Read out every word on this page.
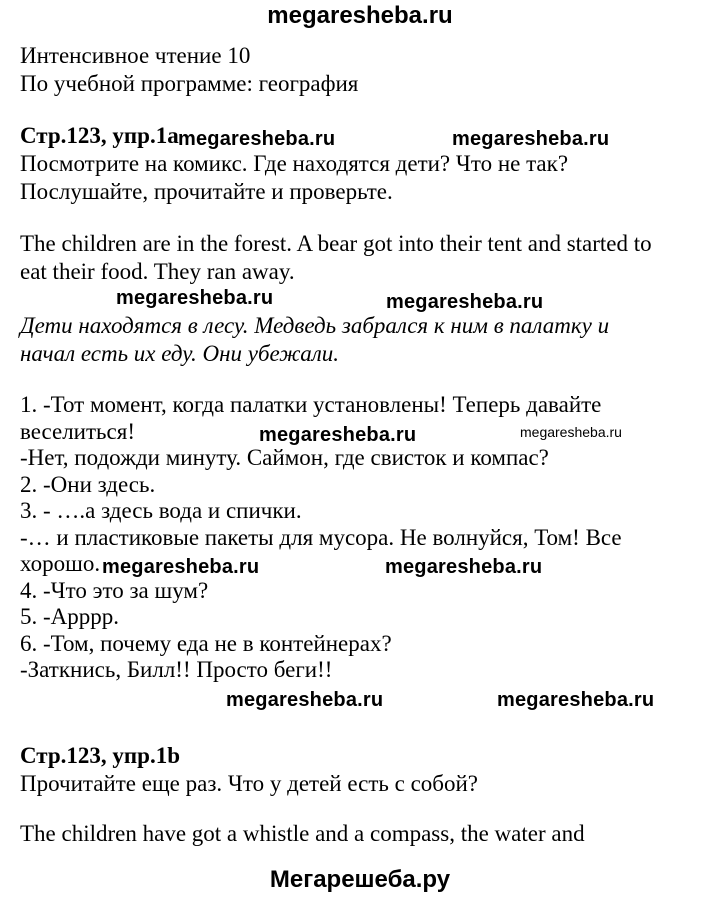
megaresheba.ru
Интенсивное чтение 10
По учебной программе: география
Стр.123, упр.1а
Посмотрите на комикс. Где находятся дети? Что не так?
Послушайте, прочитайте и проверьте.
The children are in the forest. A bear got into their tent and started to
eat their food. They ran away.
Дети находятся в лесу. Медведь забрался к ним в палатку и
начал есть их еду. Они убежали.
1. -Тот момент, когда палатки установлены! Теперь давайте
веселиться!
-Нет, подожди минуту. Саймон, где свисток и компас?
2. -Они здесь.
3. - ….а здесь вода и спички.
-… и пластиковые пакеты для мусора. Не волнуйся, Том! Все
хорошо.
4. -Что это за шум?
5. -Арррр.
6. -Том, почему еда не в контейнерах?
-Заткнись, Билл!! Просто беги!!
Стр.123, упр.1b
Прочитайте еще раз. Что у детей есть с собой?
The children have got a whistle and a compass, the water and
megaresheba.ru	megaresheba.ru
megaresheba.ru	megaresheba.ru
megaresheba.ru	megaresheba.ru
megaresheba.ru	megaresheba.ru
megaresheba.ru	megaresheba.ru
Мегарешеба.ру
